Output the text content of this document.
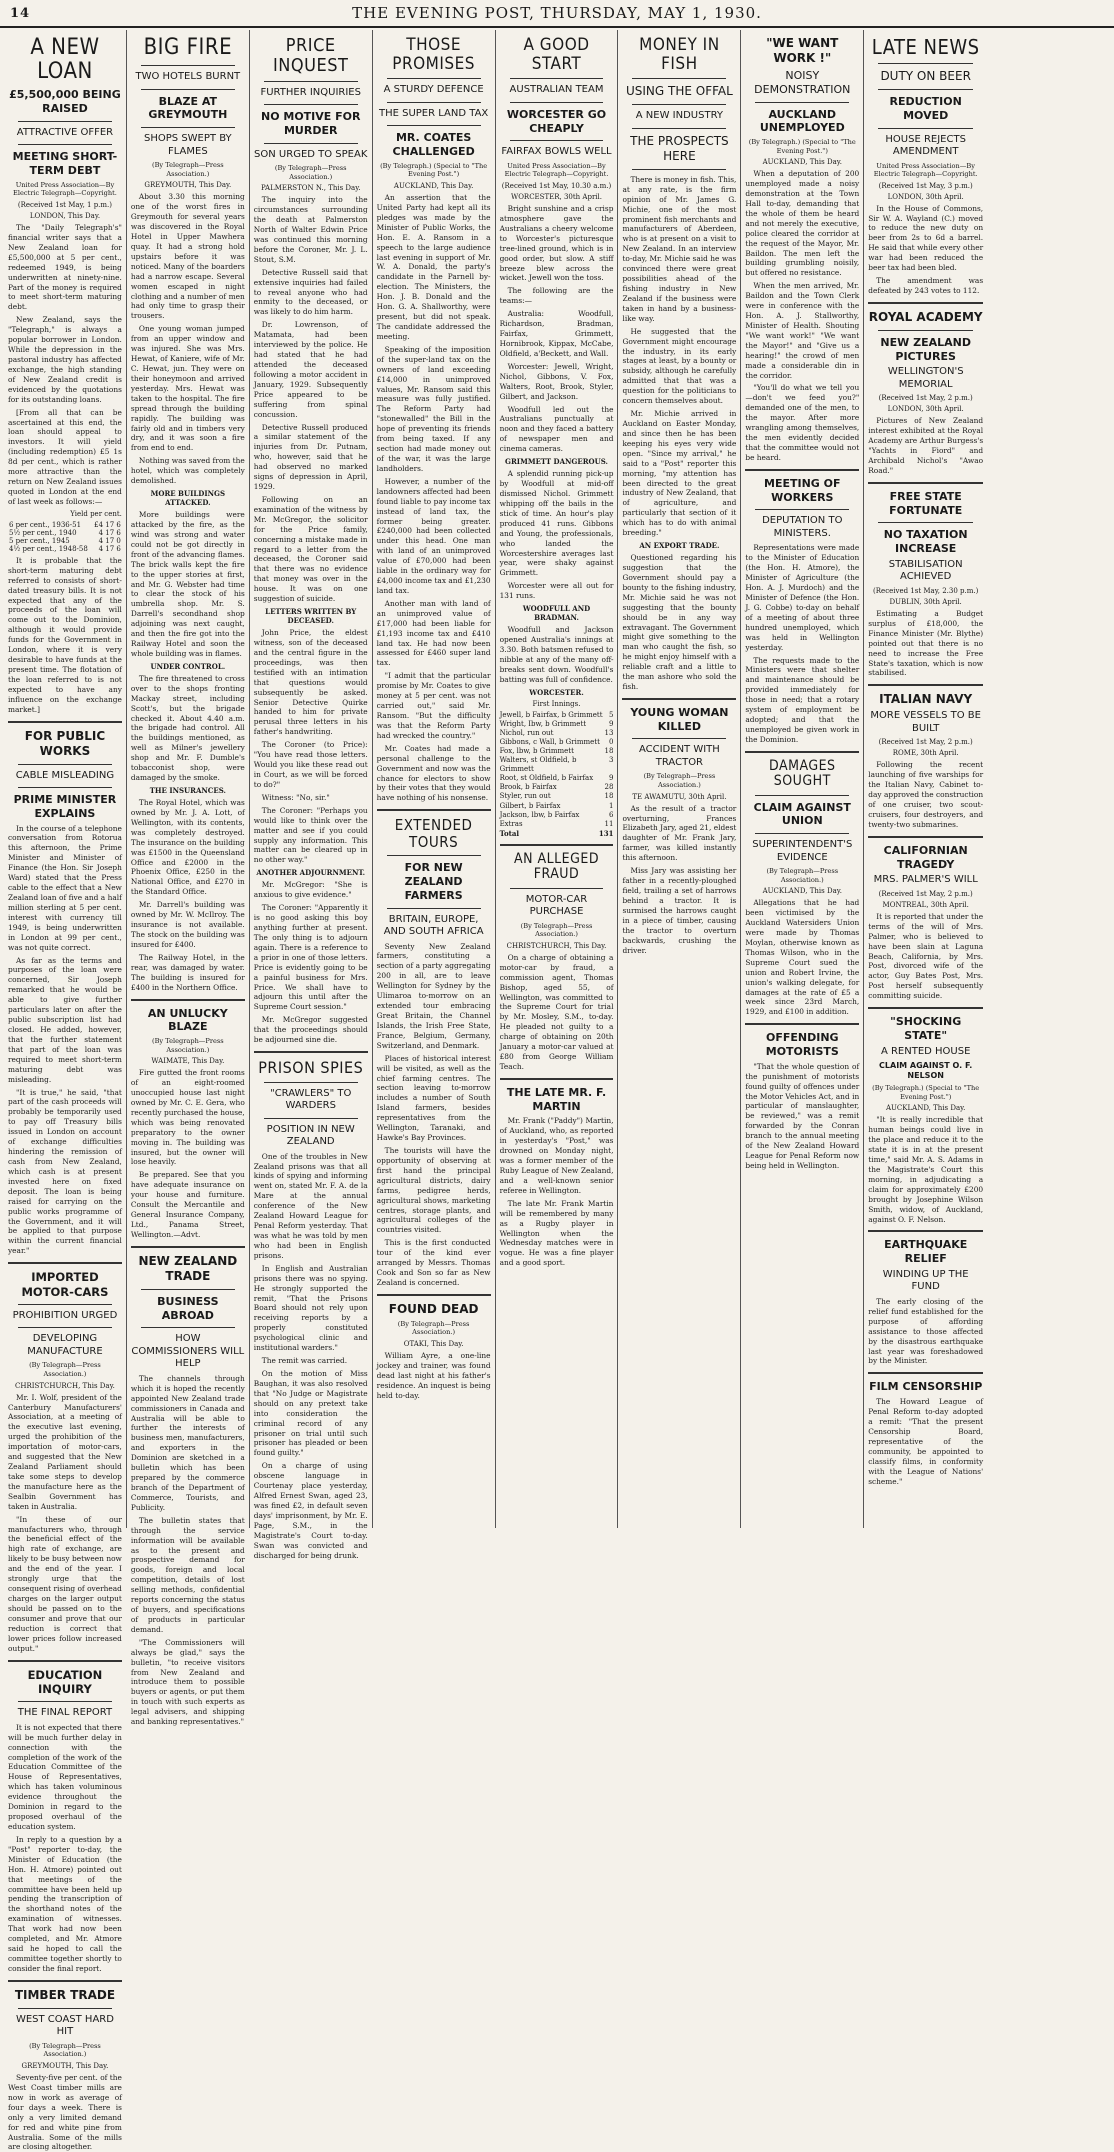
14	THE EVENING POST, THURSDAY, MAY 1, 1930.
A NEW LOAN
£5,500,000 BEING RAISED
ATTRACTIVE OFFER
MEETING SHORT-TERM DEBT
United Press Association—By Electric Telegraph—Copyright.
(Received 1st May, 1 p.m.)
LONDON, This Day.

The "Daily Telegraph's" financial writer says that a New Zealand loan for £5,500,000 at 5 per cent., redeemed 1949, is being underwritten at ninety-nine. Part of the money is required to meet short-term maturing debt.

New Zealand, says the "Telegraph," is always a popular borrower in London. While the depression in the pastoral industry has affected exchange, the high standing of New Zealand credit is evidenced by the quotations for its outstanding loans.

[From all that can be ascertained at this end, the loan should appeal to investors. It will yield (including redemption) £5 1s 8d per cent., which is rather more attractive than the return on New Zealand issues quoted in London at the end of last week as follows:—

Yield per cent.
6 per cent., 1936-51	£4 17 6
5½ per cent., 1940	4 17 6
5 per cent., 1945	4 17 0
4½ per cent., 1948-58	4 17 6

It is probable that the short-term maturing debt referred to consists of short-dated treasury bills. It is not expected that any of the proceeds of the loan will come out to the Dominion, although it would provide funds for the Government in London, where it is very desirable to have funds at the present time. The flotation of the loan referred to is not expected to have any influence on the exchange market.]

FOR PUBLIC WORKS
CABLE MISLEADING
PRIME MINISTER EXPLAINS

In the course of a telephone conversation from Rotorua this afternoon, the Prime Minister and Minister of Finance (the Hon. Sir Joseph Ward) stated that the Press cable to the effect that a New Zealand loan of five and a half million sterling at 5 per cent. interest with currency till 1949, is being underwritten in London at 99 per cent., was not quite correct.

As far as the terms and purposes of the loan were concerned, Sir Joseph remarked that he would be able to give further particulars later on after the public subscription list had closed. He added, however, that the further statement that part of the loan was required to meet short-term maturing debt was misleading.

"It is true," he said, "that part of the cash proceeds will probably be temporarily used to pay off Treasury bills issued in London on account of exchange difficulties hindering the remission of cash from New Zealand, which cash is at present invested here on fixed deposit. The loan is being raised for carrying on the public works programme of the Government, and it will be applied to that purpose within the current financial year."

IMPORTED MOTOR-CARS
PROHIBITION URGED
DEVELOPING MANUFACTURE
(By Telegraph—Press Association.)
CHRISTCHURCH, This Day.

Mr. I. Wolf, president of the Canterbury Manufacturers' Association, at a meeting of the executive last evening, urged the prohibition of the importation of motor-cars, and suggested that the New Zealand Parliament should take some steps to develop the manufacture here as the Sealbin Government has taken in Australia.

"In these of our manufacturers who, through the beneficial effect of the high rate of exchange, are likely to be busy between now and the end of the year. I strongly urge that the consequent rising of overhead charges on the larger output should be passed on to the consumer and prove that our reduction is correct that lower prices follow increased output."

EDUCATION INQUIRY
THE FINAL REPORT

It is not expected that there will be much further delay in connection with the completion of the work of the Education Committee of the House of Representatives, which has taken voluminous evidence throughout the Dominion in regard to the proposed overhaul of the education system.

In reply to a question by a "Post" reporter to-day, the Minister of Education (the Hon. H. Atmore) pointed out that meetings of the committee have been held up pending the transcription of the shorthand notes of the examination of witnesses. That work had now been completed, and Mr. Atmore said he hoped to call the committee together shortly to consider the final report.

TIMBER TRADE
WEST COAST HARD HIT
(By Telegraph—Press Association.)
GREYMOUTH, This Day.

Seventy-five per cent. of the West Coast timber mills are now in work as average of four days a week. There is only a very limited demand for red and white pine from Australia. Some of the mills are closing altogether.

BIG FIRE
TWO HOTELS BURNT
BLAZE AT GREYMOUTH
SHOPS SWEPT BY FLAMES
(By Telegraph—Press Association.)
GREYMOUTH, This Day.

About 3.30 this morning one of the worst fires in Greymouth for several years was discovered in the Royal Hotel in Upper Mawhera quay. It had a strong hold upstairs before it was noticed. Many of the boarders had a narrow escape. Several women escaped in night clothing and a number of men had only time to grasp their trousers.

One young woman jumped from an upper window and was injured. She was Mrs. Hewat, of Kaniere, wife of Mr. C. Hewat, jun. They were on their honeymoon and arrived yesterday. Mrs. Hewat was taken to the hospital. The fire spread through the building rapidly. The building was fairly old and in timbers very dry, and it was soon a fire from end to end.

Nothing was saved from the hotel, which was completely demolished.

MORE BUILDINGS ATTACKED.

More buildings were attacked by the fire, as the wind was strong and water could not be got directly in front of the advancing flames. The brick walls kept the fire to the upper stories at first, and Mr. G. Webster had time to clear the stock of his umbrella shop. Mr. S. Darrell's secondhand shop adjoining was next caught, and then the fire got into the Railway Hotel and soon the whole building was in flames.

UNDER CONTROL.

The fire threatened to cross over to the shops fronting Mackay street, including Scott's, but the brigade checked it. About 4.40 a.m. the brigade had control. All the buildings mentioned, as well as Milner's jewellery shop and Mr. F. Dumble's tobacconist shop, were damaged by the smoke.

THE INSURANCES.

The Royal Hotel, which was owned by Mr. J. A. Lott, of Wellington, with its contents, was completely destroyed. The insurance on the building was £1500 in the Queensland Office and £2000 in the Phoenix Office, £250 in the National Office, and £270 in the Standard Office.

Mr. Darrell's building was owned by Mr. W. McIlroy. The insurance is not available. The stock on the building was insured for £400.

The Railway Hotel, in the rear, was damaged by water. The building is insured for £400 in the Northern Office.

AN UNLUCKY BLAZE
(By Telegraph—Press Association.)
WAIMATE, This Day.

Fire gutted the front rooms of an eight-roomed unoccupied house last night owned by Mr. C. E. Gera, who recently purchased the house, which was being renovated preparatory to the owner moving in. The building was insured, but the owner will lose heavily.

Be prepared. See that you have adequate insurance on your house and furniture. Consult the Mercantile and General Insurance Company, Ltd., Panama Street, Wellington.—Advt.

NEW ZEALAND TRADE
BUSINESS ABROAD
HOW COMMISSIONERS WILL HELP

The channels through which it is hoped the recently appointed New Zealand trade commissioners in Canada and Australia will be able to further the interests of business men, manufacturers, and exporters in the Dominion are sketched in a bulletin which has been prepared by the commerce branch of the Department of Commerce, Tourists, and Publicity.

The bulletin states that through the service information will be available as to the present and prospective demand for goods, foreign and local competition, details of lost selling methods, confidential reports concerning the status of buyers, and specifications of products in particular demand.

"The Commissioners will always be glad," says the bulletin, "to receive visitors from New Zealand and introduce them to possible buyers or agents, or put them in touch with such experts as legal advisers, and shipping and banking representatives."

PRICE INQUEST
FURTHER INQUIRIES
NO MOTIVE FOR MURDER
SON URGED TO SPEAK
(By Telegraph—Press Association.)
PALMERSTON N., This Day.

The inquiry into the circumstances surrounding the death at Palmerston North of Walter Edwin Price was continued this morning before the Coroner, Mr. J. L. Stout, S.M.

Detective Russell said that extensive inquiries had failed to reveal anyone who had enmity to the deceased, or was likely to do him harm.

Dr. Lowrenson, of Matamata, had been interviewed by the police. He had stated that he had attended the deceased following a motor accident in January, 1929. Subsequently Price appeared to be suffering from spinal concussion.

Detective Russell produced a similar statement of the injuries from Dr. Putnam, who, however, said that he had observed no marked signs of depression in April, 1929.

Following on an examination of the witness by Mr. McGregor, the solicitor for the Price family, concerning a mistake made in regard to a letter from the deceased, the Coroner said that there was no evidence that money was over in the house. It was on one suggestion of suicide.

LETTERS WRITTEN BY DECEASED.

John Price, the eldest witness, son of the deceased and the central figure in the proceedings, was then testified with an intimation that questions would subsequently be asked. Senior Detective Quirke handed to him for private perusal three letters in his father's handwriting.

The Coroner (to Price): "You have read those letters. Would you like these read out in Court, as we will be forced to do?"

Witness: "No, sir."

The Coroner: "Perhaps you would like to think over the matter and see if you could supply any information. This matter can be cleared up in no other way."

ANOTHER ADJOURNMENT.

Mr. McGregor: "She is anxious to give evidence."

The Coroner: "Apparently it is no good asking this boy anything further at present. The only thing is to adjourn again. There is a reference to a prior in one of those letters. Price is evidently going to be a painful business for Mrs. Price. We shall have to adjourn this until after the Supreme Court session."

Mr. McGregor suggested that the proceedings should be adjourned sine die.

PRISON SPIES
"CRAWLERS" TO WARDERS
POSITION IN NEW ZEALAND

One of the troubles in New Zealand prisons was that all kinds of spying and informing went on, stated Mr. F. A. de la Mare at the annual conference of the New Zealand Howard League for Penal Reform yesterday. That was what he was told by men who had been in English prisons.

In English and Australian prisons there was no spying. He strongly supported the remit, "That the Prisons Board should not rely upon receiving reports by a properly constituted psychological clinic and institutional warders."

The remit was carried.

On the motion of Miss Baughan, it was also resolved that "No Judge or Magistrate should on any pretext take into consideration the criminal record of any prisoner on trial until such prisoner has pleaded or been found guilty."

On a charge of using obscene language in Courtenay place yesterday, Alfred Ernest Swan, aged 23, was fined £2, in default seven days' imprisonment, by Mr. E. Page, S.M., in the Magistrate's Court to-day. Swan was convicted and discharged for being drunk.

THOSE PROMISES
A STURDY DEFENCE
THE SUPER LAND TAX
MR. COATES CHALLENGED
(By Telegraph.) (Special to "The Evening Post.")
AUCKLAND, This Day.

An assertion that the United Party had kept all its pledges was made by the Minister of Public Works, the Hon. E. A. Ransom in a speech to the large audience last evening in support of Mr. W. A. Donald, the party's candidate in the Parnell by-election. The Ministers, the Hon. J. B. Donald and the Hon. G. A. Shallworthy, were present, but did not speak. The candidate addressed the meeting.

Speaking of the imposition of the super-land tax on the owners of land exceeding £14,000 in unimproved values, Mr. Ransom said this measure was fully justified. The Reform Party had "stonewalled" the Bill in the hope of preventing its friends from being taxed. If any section had made money out of the war, it was the large landholders.

However, a number of the landowners affected had been found liable to pay income tax instead of land tax, the former being greater. £240,000 had been collected under this head. One man with land of an unimproved value of £70,000 had been liable in the ordinary way for £4,000 income tax and £1,230 land tax.

Another man with land of an unimproved value of £17,000 had been liable for £1,193 income tax and £410 land tax. He had now been assessed for £460 super land tax.

"I admit that the particular promise by Mr. Coates to give money at 5 per cent. was not carried out," said Mr. Ransom. "But the difficulty was that the Reform Party had wrecked the country."

Mr. Coates had made a personal challenge to the Government and now was the chance for electors to show by their votes that they would have nothing of his nonsense.

EXTENDED TOURS
FOR NEW ZEALAND FARMERS
BRITAIN, EUROPE, AND SOUTH AFRICA

Seventy New Zealand farmers, constituting a section of a party aggregating 200 in all, are to leave Wellington for Sydney by the Ulimaroa to-morrow on an extended tour embracing Great Britain, the Channel Islands, the Irish Free State, France, Belgium, Germany, Switzerland, and Denmark.

Places of historical interest will be visited, as well as the chief farming centres. The section leaving to-morrow includes a number of South Island farmers, besides representatives from the Wellington, Taranaki, and Hawke's Bay Provinces.

The tourists will have the opportunity of observing at first hand the principal agricultural districts, dairy farms, pedigree herds, agricultural shows, marketing centres, storage plants, and agricultural colleges of the countries visited.

This is the first conducted tour of the kind ever arranged by Messrs. Thomas Cook and Son so far as New Zealand is concerned.

FOUND DEAD
(By Telegraph—Press Association.)
OTAKI, This Day.

William Ayre, a one-line jockey and trainer, was found dead last night at his father's residence. An inquest is being held to-day.

A GOOD START
AUSTRALIAN TEAM
WORCESTER GO CHEAPLY
FAIRFAX BOWLS WELL
United Press Association—By Electric Telegraph—Copyright.
(Received 1st May, 10.30 a.m.)
WORCESTER, 30th April.

Bright sunshine and a crisp atmosphere gave the Australians a cheery welcome to Worcester's picturesque tree-lined ground, which is in good order, but slow. A stiff breeze blew across the wicket. Jewell won the toss.

The following are the teams:—

Australia: Woodfull, Richardson, Bradman, Fairfax, Grimmett, Hornibrook, Kippax, McCabe, Oldfield, a'Beckett, and Wall.

Worcester: Jewell, Wright, Nichol, Gibbons, V. Fox, Walters, Root, Brook, Styler, Gilbert, and Jackson.

Woodfull led out the Australians punctually at noon and they faced a battery of newspaper men and cinema cameras.

GRIMMETT DANGEROUS.

A splendid running pick-up by Woodfull at mid-off dismissed Nichol. Grimmett whipping off the bails in the stick of time. An hour's play produced 41 runs. Gibbons and Young, the professionals, who landed the Worcestershire averages last year, were shaky against Grimmett.

Worcester were all out for 131 runs.

WOODFULL AND BRADMAN.

Woodfull and Jackson opened Australia's innings at 3.30. Both batsmen refused to nibble at any of the many off-breaks sent down. Woodfull's batting was full of confidence.

WORCESTER.
First Innings.
Jewell, b Fairfax, b Grimmett 5
Wright, Ibw, b Grimmett	9
Nichol, run out	13
Gibbons, c Wall, b Grimmett 0
Fox, lbw, b Grimmett	18
Walters, st Oldfield, b Grimmett
3
Root, st Oldfield, b Fairfax 9
Brook, b Fairfax	28
Styler, run out	18
Gilbert, b Fairfax	1
Jackson, lbw, b Fairfax	6
Extras	11
Total	131
AN ALLEGED FRAUD
MOTOR-CAR PURCHASE
(By Telegraph—Press Association.)
CHRISTCHURCH, This Day.

On a charge of obtaining a motor-car by fraud, a commission agent, Thomas Bishop, aged 55, of Wellington, was committed to the Supreme Court for trial by Mr. Mosley, S.M., to-day. He pleaded not guilty to a charge of obtaining on 20th January a motor-car valued at £80 from George William Teach.

THE LATE MR. F. MARTIN

Mr. Frank ("Paddy") Martin, of Auckland, who, as reported in yesterday's "Post," was drowned on Monday night, was a former member of the Ruby League of New Zealand, and a well-known senior referee in Wellington.

The late Mr. Frank Martin will be remembered by many as a Rugby player in Wellington when the Wednesday matches were in vogue. He was a fine player and a good sport.

MONEY IN FISH
USING THE OFFAL
A NEW INDUSTRY
THE PROSPECTS HERE

There is money in fish. This, at any rate, is the firm opinion of Mr. James G. Michie, one of the most prominent fish merchants and manufacturers of Aberdeen, who is at present on a visit to New Zealand. In an interview to-day, Mr. Michie said he was convinced there were great possibilities ahead of the fishing industry in New Zealand if the business were taken in hand by a business-like way.

He suggested that the Government might encourage the industry, in its early stages at least, by a bounty or subsidy, although he carefully admitted that that was a question for the politicians to concern themselves about.

Mr. Michie arrived in Auckland on Easter Monday, and since then he has been keeping his eyes very wide open. "Since my arrival," he said to a "Post" reporter this morning, "my attention has been directed to the great industry of New Zealand, that of agriculture, and particularly that section of it which has to do with animal breeding."

AN EXPORT TRADE.

Questioned regarding his suggestion that the Government should pay a bounty to the fishing industry, Mr. Michie said he was not suggesting that the bounty should be in any way extravagant. The Government might give something to the man who caught the fish, so he might enjoy himself with a reliable craft and a little to the man ashore who sold the fish.

YOUNG WOMAN KILLED
ACCIDENT WITH TRACTOR
(By Telegraph—Press Association.)
TE AWAMUTU, 30th April.

As the result of a tractor overturning, Frances Elizabeth Jary, aged 21, eldest daughter of Mr. Frank Jary, farmer, was killed instantly this afternoon.

Miss Jary was assisting her father in a recently-ploughed field, trailing a set of harrows behind a tractor. It is surmised the harrows caught in a piece of timber, causing the tractor to overturn backwards, crushing the driver.

"WE WANT WORK !"
NOISY DEMONSTRATION
AUCKLAND UNEMPLOYED
(By Telegraph.) (Special to "The Evening Post.")
AUCKLAND, This Day.

When a deputation of 200 unemployed made a noisy demonstration at the Town Hall to-day, demanding that the whole of them be heard and not merely the executive, police cleared the corridor at the request of the Mayor, Mr. Baildon. The men left the building grumbling noisily, but offered no resistance.

When the men arrived, Mr. Baildon and the Town Clerk were in conference with the Hon. A. J. Stallworthy, Minister of Health. Shouting "We want work!" "We want the Mayor!" and "Give us a hearing!" the crowd of men made a considerable din in the corridor.

"You'll do what we tell you—don't we feed you?" demanded one of the men, to the mayor. After more wrangling among themselves, the men evidently decided that the committee would not be heard.

MEETING OF WORKERS
DEPUTATION TO MINISTERS.

Representations were made to the Minister of Education (the Hon. H. Atmore), the Minister of Agriculture (the Hon. A. J. Murdoch) and the Minister of Defence (the Hon. J. G. Cobbe) to-day on behalf of a meeting of about three hundred unemployed, which was held in Wellington yesterday.

The requests made to the Ministers were that shelter and maintenance should be provided immediately for those in need; that a rotary system of employment be adopted; and that the unemployed be given work in the Dominion.

DAMAGES SOUGHT
CLAIM AGAINST UNION
SUPERINTENDENT'S EVIDENCE
(By Telegraph—Press Association.)
AUCKLAND, This Day.

Allegations that he had been victimised by the Auckland Watersiders Union were made by Thomas Moylan, otherwise known as Thomas Wilson, who in the Supreme Court sued the union and Robert Irvine, the union's walking delegate, for damages at the rate of £5 a week since 23rd March, 1929, and £100 in addition.

OFFENDING MOTORISTS

"That the whole question of the punishment of motorists found guilty of offences under the Motor Vehicles Act, and in particular of manslaughter, be reviewed," was a remit forwarded by the Conran branch to the annual meeting of the New Zealand Howard League for Penal Reform now being held in Wellington.

LATE NEWS
DUTY ON BEER
REDUCTION MOVED
HOUSE REJECTS AMENDMENT
United Press Association—By Electric Telegraph—Copyright.
(Received 1st May, 3 p.m.)
LONDON, 30th April.

In the House of Commons, Sir W. A. Wayland (C.) moved to reduce the new duty on beer from 2s to 6d a barrel. He said that while every other war had been reduced the beer tax had been bled.

The amendment was defeated by 243 votes to 112.

ROYAL ACADEMY
NEW ZEALAND PICTURES
WELLINGTON'S MEMORIAL
(Received 1st May, 2 p.m.)
LONDON, 30th April.

Pictures of New Zealand interest exhibited at the Royal Academy are Arthur Burgess's "Yachts in Fiord" and Archibald Nichol's "Awao Road."

FREE STATE FORTUNATE
NO TAXATION INCREASE
STABILISATION ACHIEVED
(Received 1st May, 2.30 p.m.)
DUBLIN, 30th April.

Estimating a Budget surplus of £18,000, the Finance Minister (Mr. Blythe) pointed out that there is no need to increase the Free State's taxation, which is now stabilised.

ITALIAN NAVY
MORE VESSELS TO BE BUILT
(Received 1st May, 2 p.m.)
ROME, 30th April.

Following the recent launching of five warships for the Italian Navy, Cabinet to-day approved the construction of one cruiser, two scout-cruisers, four destroyers, and twenty-two submarines.

CALIFORNIAN TRAGEDY
MRS. PALMER'S WILL
(Received 1st May, 2 p.m.)
MONTREAL, 30th April.

It is reported that under the terms of the will of Mrs. Palmer, who is believed to have been slain at Laguna Beach, California, by Mrs. Post, divorced wife of the actor, Guy Bates Post, Mrs. Post herself subsequently committing suicide.

"SHOCKING STATE"
A RENTED HOUSE
CLAIM AGAINST O. F. NELSON
(By Telegraph.) (Special to "The Evening Post.")
AUCKLAND, This Day.

"It is really incredible that human beings could live in the place and reduce it to the state it is in at the present time," said Mr. A. S. Adams in the Magistrate's Court this morning, in adjudicating a claim for approximately £200 brought by Josephine Wilson Smith, widow, of Auckland, against O. F. Nelson.

EARTHQUAKE RELIEF
WINDING UP THE FUND

The early closing of the relief fund established for the purpose of affording assistance to those affected by the disastrous earthquake last year was foreshadowed by the Minister.

FILM CENSORSHIP

The Howard League of Penal Reform to-day adopted a remit: "That the present Censorship Board, representative of the community, be appointed to classify films, in conformity with the League of Nations' scheme."
